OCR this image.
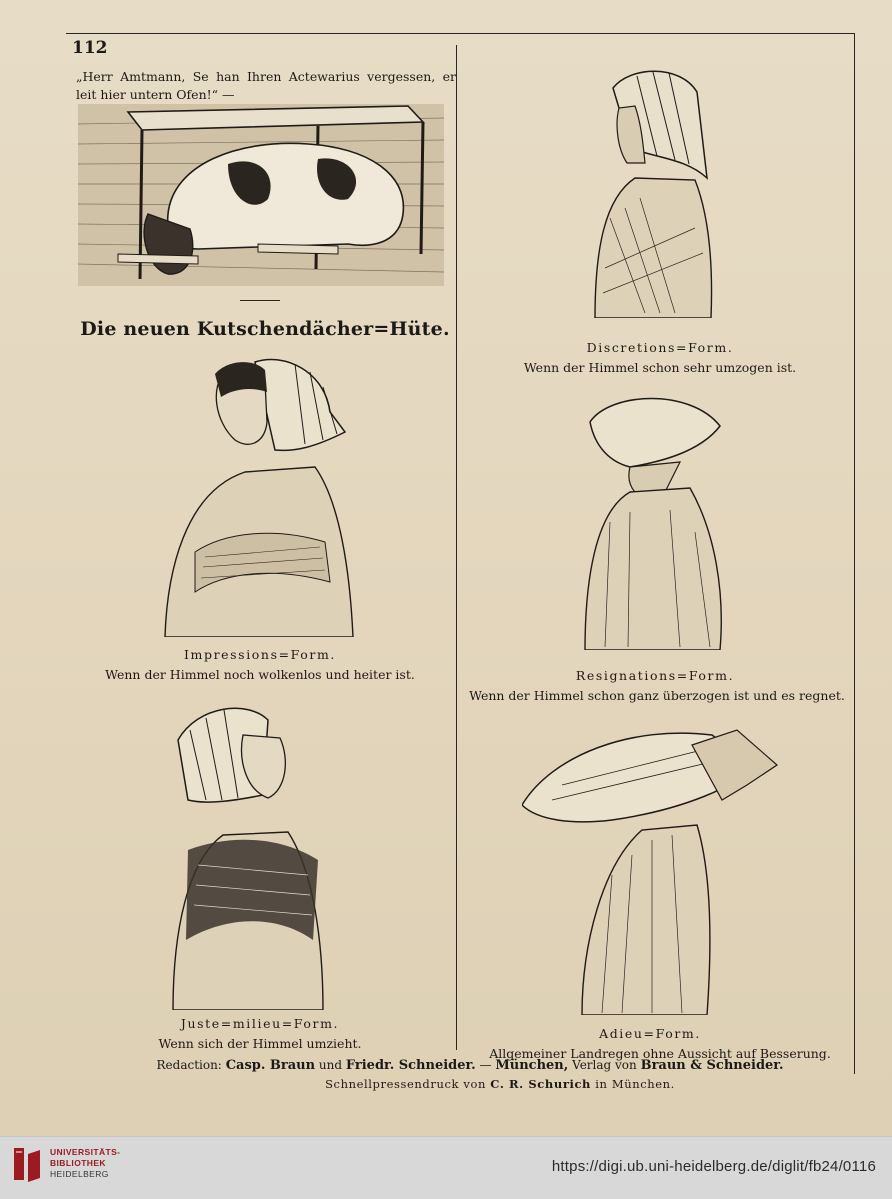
112
„Herr Amtmann, Se han Ihren Actewarius vergessen, er leit hier untern Ofen!“ —
Die neuen Kutschendächer=Hüte.
Discretions=Form.
Wenn der Himmel schon sehr umzogen ist.
Impressions=Form.
Wenn der Himmel noch wolkenlos und heiter ist.	Resignations=Form.
Wenn der Himmel schon ganz überzogen ist und es regnet.
Juste=milieu=Form.
Wenn sich der Himmel umzieht.
Adieu=Form.
Allgemeiner Landregen ohne Aussicht auf Besserung.
Redaction: Casp. Braun und Friedr. Schneider. — München, Verlag von Braun & Schneider.
Schnellpressendruck von C. R. Schurich in München.
UNIVERSITÄTS-
BIBLIOTHEK
HEIDELBERG	https://digi.ub.uni-heidelberg.de/diglit/fb24/0116
